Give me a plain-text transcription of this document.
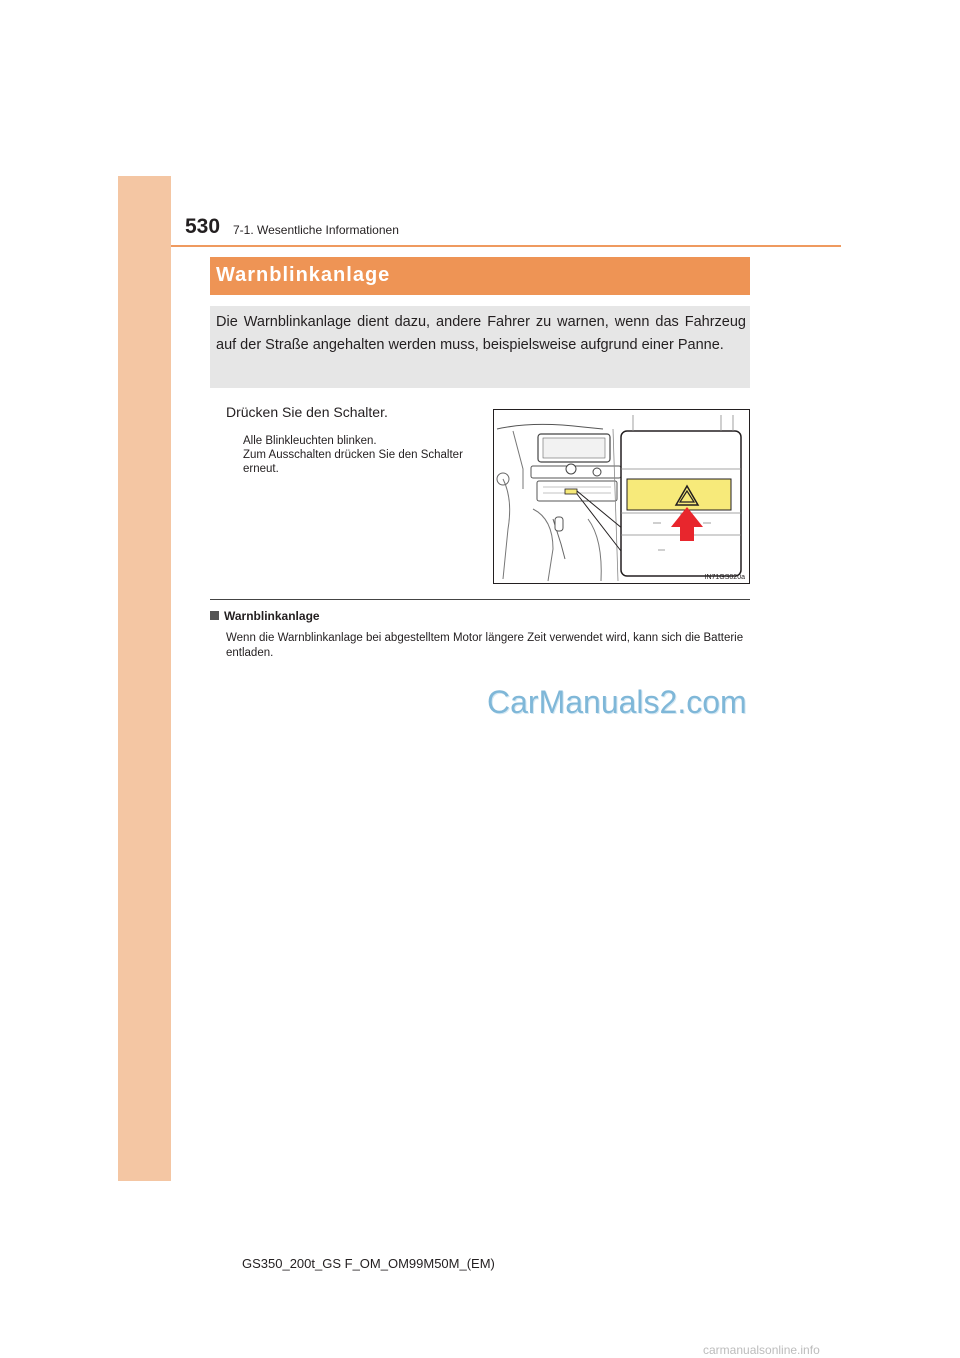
530 7-1. Wesentliche Informationen
Warnblinkanlage
Die Warnblinkanlage dient dazu, andere Fahrer zu warnen, wenn das Fahrzeug auf der Straße angehalten werden muss, beispielsweise aufgrund einer Panne.
Drücken Sie den Schalter.
Alle Blinkleuchten blinken.
Zum Ausschalten drücken Sie den Schalter erneut.
IN71GS020a
Warnblinkanlage
Wenn die Warnblinkanlage bei abgestelltem Motor längere Zeit verwendet wird, kann sich die Batterie entladen.
CarManuals2.com
GS350_200t_GS F_OM_OM99M50M_(EM)
carmanualsonline.info
